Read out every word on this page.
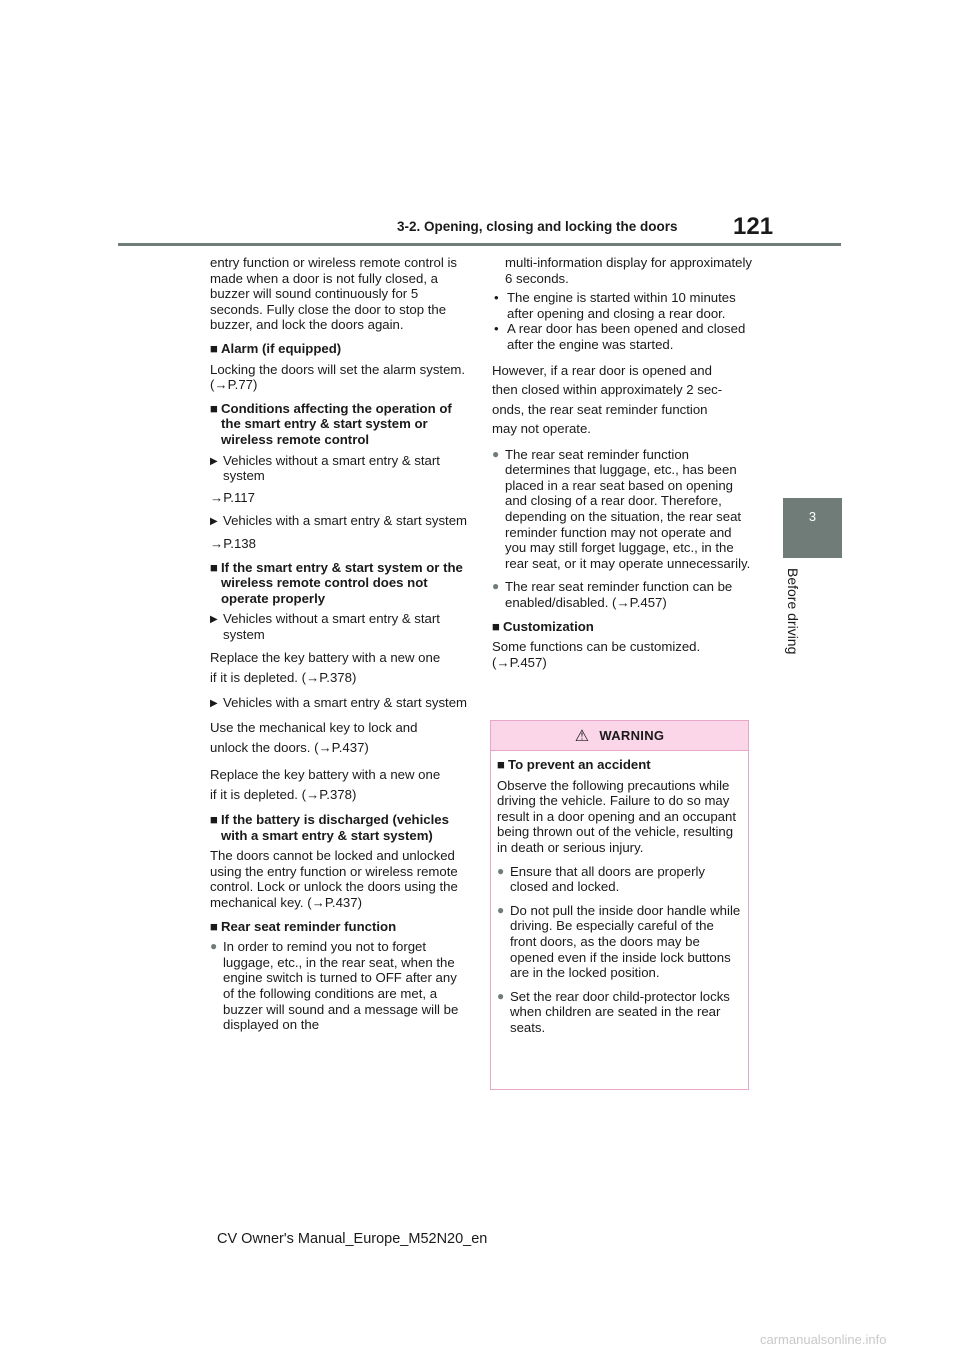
3-2. Opening, closing and locking the doors 121
3
Before driving

entry function or wireless remote control is made when a door is not fully closed, a buzzer will sound continuously for 5 seconds. Fully close the door to stop the buzzer, and lock the doors again.

■ Alarm (if equipped)

Locking the doors will set the alarm system. (→P.77)

■ Conditions affecting the operation of the smart entry & start system or wireless remote control
▶ Vehicles without a smart entry & start system

→P.117

▶ Vehicles with a smart entry & start system

→P.138

■ If the smart entry & start system or the wireless remote control does not operate properly
▶ Vehicles without a smart entry & start system

Replace the key battery with a new one

if it is depleted. (→P.378)

▶ Vehicles with a smart entry & start system

Use the mechanical key to lock and

unlock the doors. (→P.437)

Replace the key battery with a new one

if it is depleted. (→P.378)

■ If the battery is discharged (vehicles with a smart entry & start system)

The doors cannot be locked and unlocked using the entry function or wireless remote control. Lock or unlock the doors using the mechanical key. (→P.437)

■ Rear seat reminder function
● In order to remind you not to forget luggage, etc., in the rear seat, when the engine switch is turned to OFF after any of the following conditions are met, a buzzer will sound and a message will be displayed on the

multi-information display for approximately 6 seconds.

• The engine is started within 10 minutes after opening and closing a rear door.
• A rear door has been opened and closed after the engine was started.

However, if a rear door is opened and

then closed within approximately 2 sec-

onds, the rear seat reminder function

may not operate.

● The rear seat reminder function determines that luggage, etc., has been placed in a rear seat based on opening and closing of a rear door. Therefore, depending on the situation, the rear seat reminder function may not operate and you may still forget luggage, etc., in the rear seat, or it may operate unnecessarily.
● The rear seat reminder function can be enabled/disabled. (→P.457)
■ Customization

Some functions can be customized. (→P.457)

⚠ WARNING
■ To prevent an accident

Observe the following precautions while driving the vehicle. Failure to do so may result in a door opening and an occupant being thrown out of the vehicle, resulting in death or serious injury.

● Ensure that all doors are properly closed and locked.
● Do not pull the inside door handle while driving. Be especially careful of the front doors, as the doors may be opened even if the inside lock buttons are in the locked position.
● Set the rear door child-protector locks when children are seated in the rear seats.
CV Owner's Manual_Europe_M52N20_en
carmanualsonline.info
